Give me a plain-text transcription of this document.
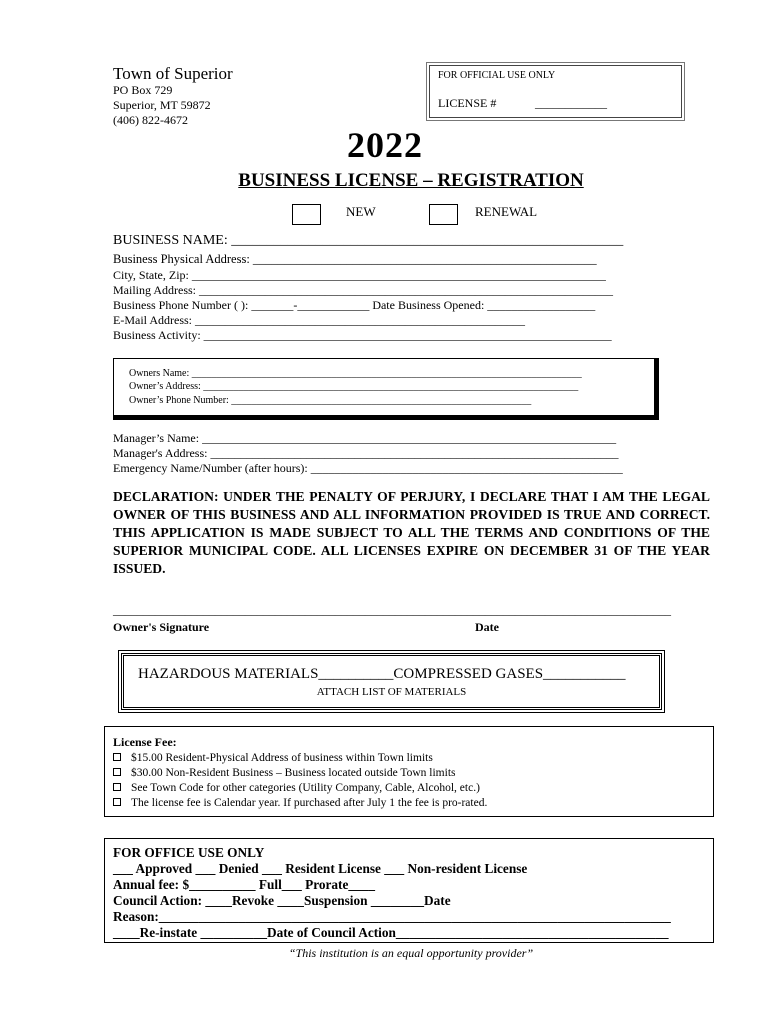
Town of Superior
PO Box 729
Superior, MT 59872
(406) 822-4672
FOR OFFICIAL USE ONLY
LICENSE #	____________
2022
BUSINESS LICENSE – REGISTRATION
NEW	RENEWAL
BUSINESS NAME: ________________________________________________________
Business Physical Address: _______________________________________________________
City, State, Zip: _____________________________________________________________________
Mailing Address: _____________________________________________________________________
Business Phone Number ( ): _______-____________ Date Business Opened: __________________
E-Mail Address: _______________________________________________________
Business Activity: ____________________________________________________________________
Owners Name: ______________________________________________________________________________
Owner’s Address: ___________________________________________________________________________
Owner’s Phone Number: ____________________________________________________________
Manager’s Name: _____________________________________________________________________
Manager's Address: ____________________________________________________________________
Emergency Name/Number (after hours): ____________________________________________________
DECLARATION: UNDER THE PENALTY OF PERJURY, I DECLARE THAT I AM THE LEGAL OWNER OF THIS BUSINESS AND ALL INFORMATION PROVIDED IS TRUE AND CORRECT. THIS APPLICATION IS MADE SUBJECT TO ALL THE TERMS AND CONDITIONS OF THE SUPERIOR MUNICIPAL CODE. ALL LICENSES EXPIRE ON DECEMBER 31 OF THE YEAR ISSUED.
_____________________________________________________________________________________________
Owner's Signature	Date
HAZARDOUS MATERIALS__________COMPRESSED GASES___________
ATTACH LIST OF MATERIALS
License Fee:
$15.00 Resident-Physical Address of business within Town limits
$30.00 Non-Resident Business – Business located outside Town limits
See Town Code for other categories (Utility Company, Cable, Alcohol, etc.)
The license fee is Calendar year. If purchased after July 1 the fee is pro-rated.
FOR OFFICE USE ONLY
___ Approved ___ Denied ___ Resident License ___ Non-resident License
Annual fee: $__________ Full___ Prorate____
Council Action: ____Revoke ____Suspension ________Date
Reason:_____________________________________________________________________________
____Re-instate __________Date of Council Action_________________________________________
“This institution is an equal opportunity provider”
